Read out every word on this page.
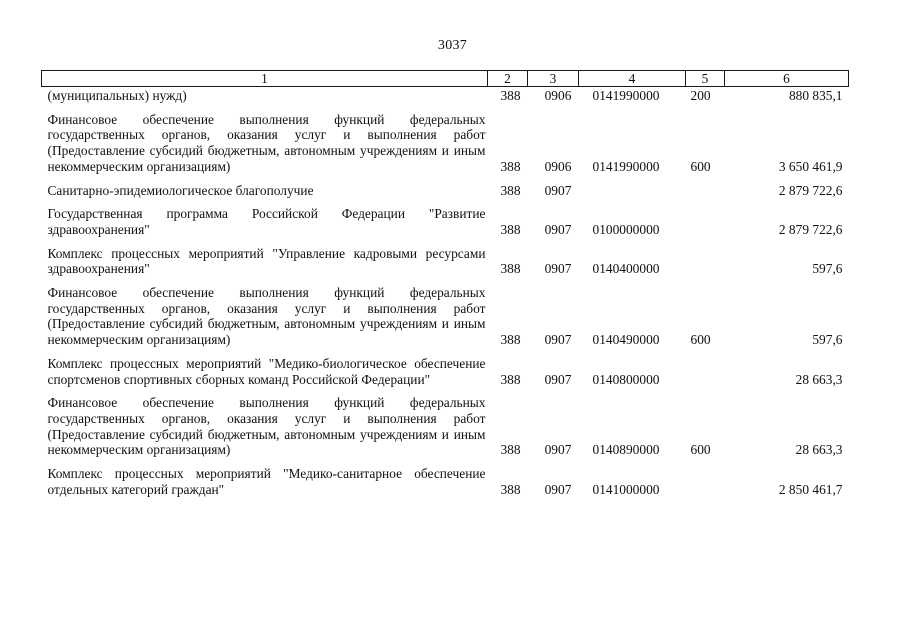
3037
1	2	3	4	5	6
(муниципальных) нужд)	388	0906	0141990000	200	880 835,1
Финансовое обеспечение выполнения функций федеральных государственных органов, оказания услуг и выполнения работ (Предоставление субсидий бюджетным, автономным учреждениям и иным некоммерческим организациям)	388	0906	0141990000	600	3 650 461,9
Санитарно-эпидемиологическое благополучие	388	0907			2 879 722,6
Государственная программа Российской Федерации "Развитие здравоохранения"	388	0907	0100000000		2 879 722,6
Комплекс процессных мероприятий "Управление кадровыми ресурсами здравоохранения"	388	0907	0140400000		597,6
Финансовое обеспечение выполнения функций федеральных государственных органов, оказания услуг и выполнения работ (Предоставление субсидий бюджетным, автономным учреждениям и иным некоммерческим организациям)	388	0907	0140490000	600	597,6
Комплекс процессных мероприятий "Медико-биологическое обеспечение спортсменов спортивных сборных команд Российской Федерации"	388	0907	0140800000		28 663,3
Финансовое обеспечение выполнения функций федеральных государственных органов, оказания услуг и выполнения работ (Предоставление субсидий бюджетным, автономным учреждениям и иным некоммерческим организациям)	388	0907	0140890000	600	28 663,3
Комплекс процессных мероприятий "Медико-санитарное обеспечение отдельных категорий граждан"	388	0907	0141000000		2 850 461,7
